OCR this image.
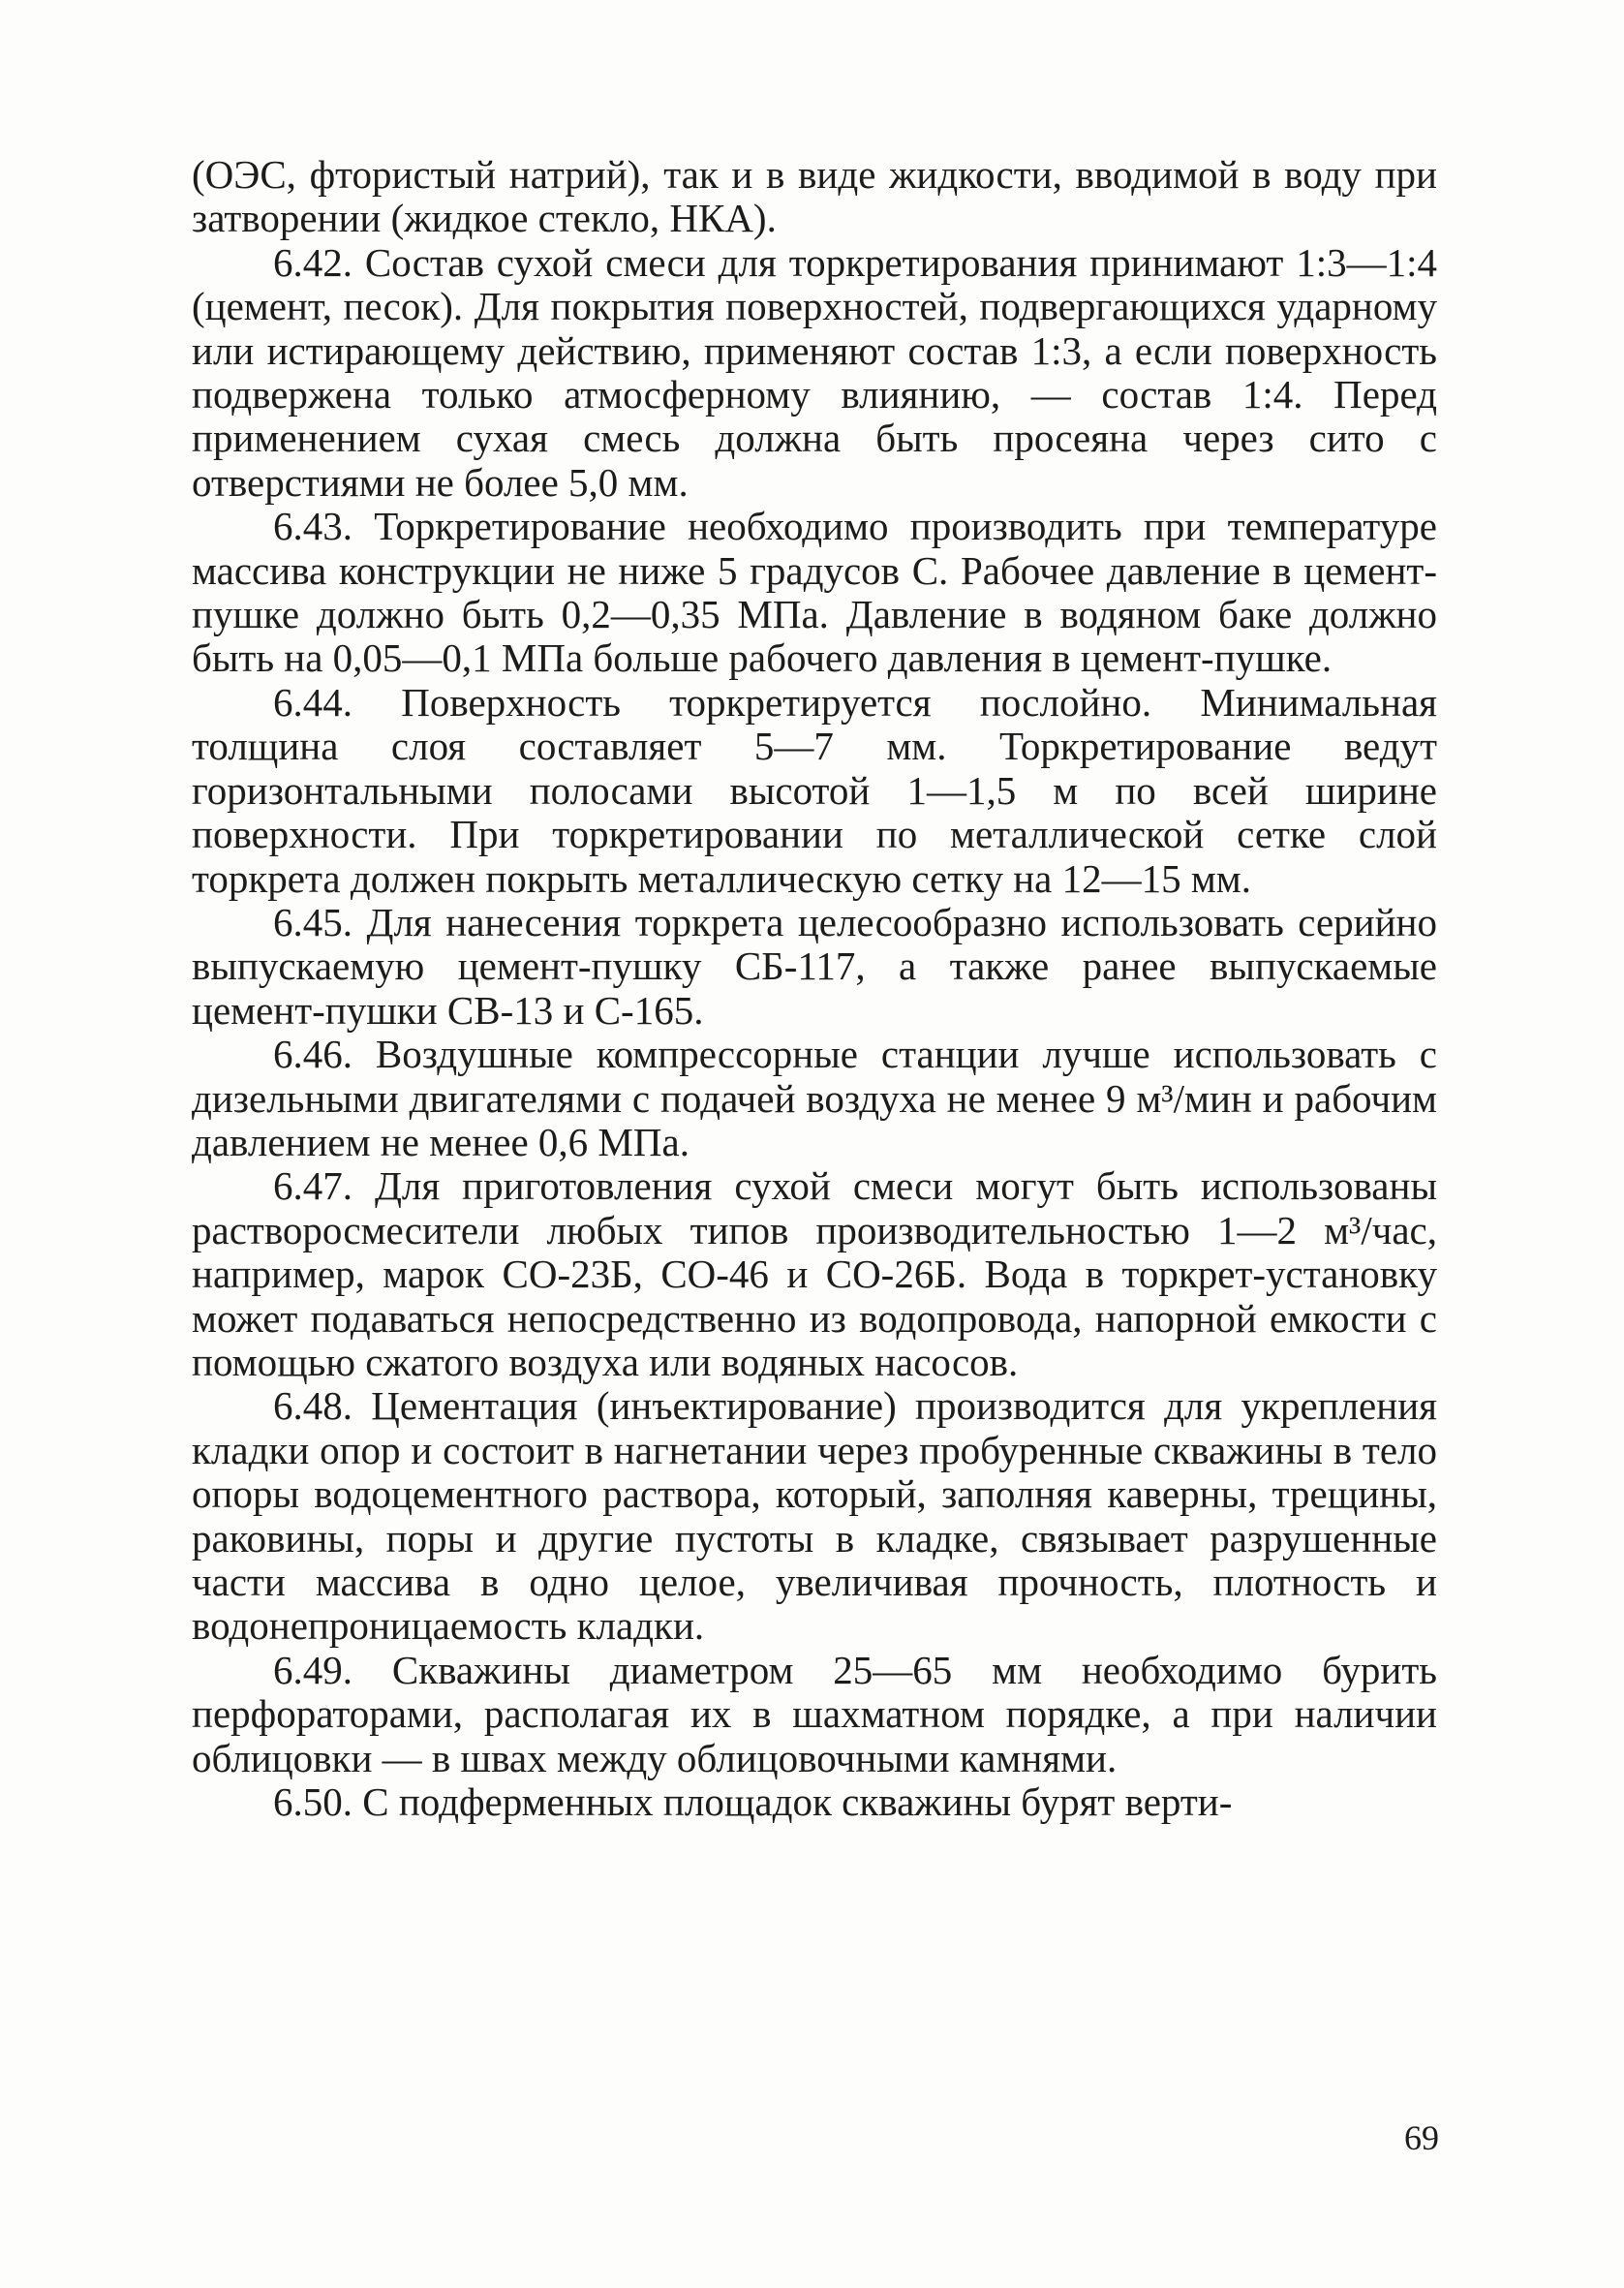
(ОЭС, фтористый натрий), так и в виде жидкости, вводимой в воду при затворении (жидкое стекло, НКА).

6.42. Состав сухой смеси для торкретирования принимают 1:3—1:4 (цемент, песок). Для покрытия поверхностей, подвергающихся ударному или истирающему действию, применяют состав 1:3, а если поверхность подвержена только атмосферному влиянию, — состав 1:4. Перед применением сухая смесь должна быть просеяна через сито с отверстиями не более 5,0 мм.

6.43. Торкретирование необходимо производить при температуре массива конструкции не ниже 5 градусов С. Рабочее давление в цемент-пушке должно быть 0,2—0,35 МПа. Давление в водяном баке должно быть на 0,05—0,1 МПа больше рабочего давления в цемент-пушке.

6.44. Поверхность торкретируется послойно. Минимальная толщина слоя составляет 5—7 мм. Торкретирование ведут горизонтальными полосами высотой 1—1,5 м по всей ширине поверхности. При торкретировании по металлической сетке слой торкрета должен покрыть металлическую сетку на 12—15 мм.

6.45. Для нанесения торкрета целесообразно использовать серийно выпускаемую цемент-пушку СБ-117, а также ранее выпускаемые цемент-пушки СВ-13 и С-165.

6.46. Воздушные компрессорные станции лучше использовать с дизельными двигателями с подачей воздуха не менее 9 м³/мин и рабочим давлением не менее 0,6 МПа.

6.47. Для приготовления сухой смеси могут быть использованы растворосмесители любых типов производительностью 1—2 м³/час, например, марок СО-23Б, СО-46 и СО-26Б. Вода в торкрет-установку может подаваться непосредственно из водопровода, напорной емкости с помощью сжатого воздуха или водяных насосов.

6.48. Цементация (инъектирование) производится для укрепления кладки опор и состоит в нагнетании через пробуренные скважины в тело опоры водоцементного раствора, который, заполняя каверны, трещины, раковины, поры и другие пустоты в кладке, связывает разрушенные части массива в одно целое, увеличивая прочность, плотность и водонепроницаемость кладки.

6.49. Скважины диаметром 25—65 мм необходимо бурить перфораторами, располагая их в шахматном порядке, а при наличии облицовки — в швах между облицовочными камнями.

6.50. С подферменных площадок скважины бурят верти-

69
